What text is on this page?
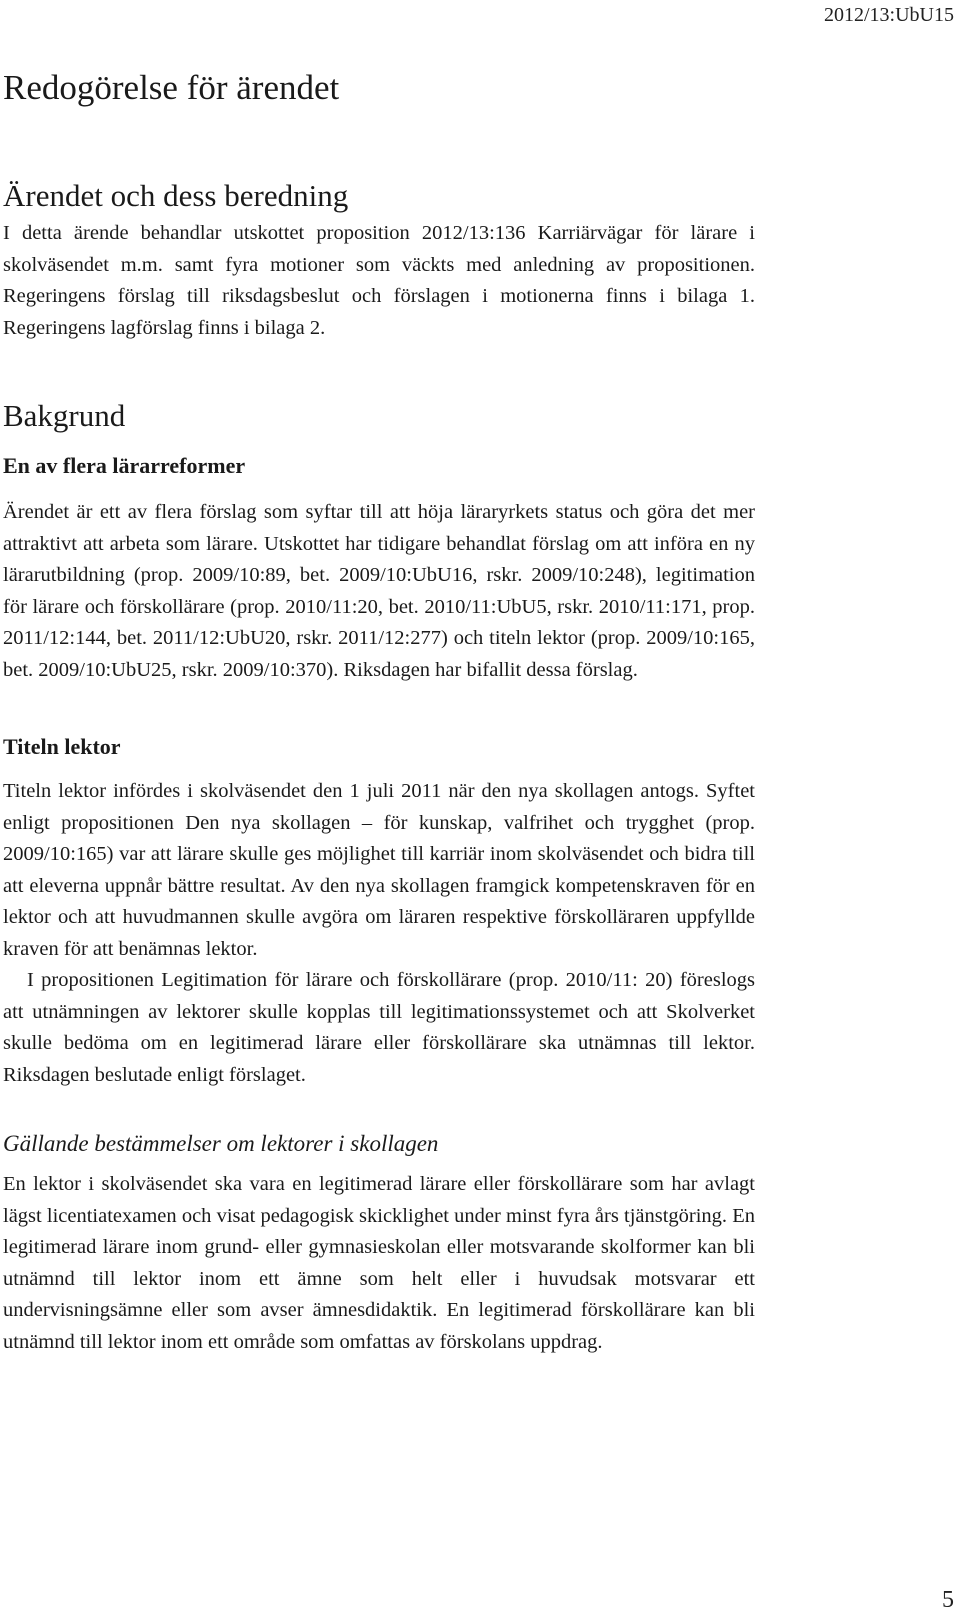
2012/13:UbU15
Redogörelse för ärendet
Ärendet och dess beredning

I detta ärende behandlar utskottet proposition 2012/13:136 Karriärvägar för lärare i skolväsendet m.m. samt fyra motioner som väckts med anledning av propositionen. Regeringens förslag till riksdagsbeslut och förslagen i motionerna finns i bilaga 1. Regeringens lagförslag finns i bilaga 2.

Bakgrund
En av flera lärarreformer

Ärendet är ett av flera förslag som syftar till att höja läraryrkets status och göra det mer attraktivt att arbeta som lärare. Utskottet har tidigare behandlat förslag om att införa en ny lärarutbildning (prop. 2009/10:89, bet. 2009/10:UbU16, rskr. 2009/10:248), legitimation för lärare och förskollärare (prop. 2010/11:20, bet. 2010/11:UbU5, rskr. 2010/11:171, prop. 2011/12:144, bet. 2011/12:UbU20, rskr. 2011/12:277) och titeln lektor (prop. 2009/10:165, bet. 2009/10:UbU25, rskr. 2009/10:370). Riksdagen har bifallit dessa förslag.

Titeln lektor

Titeln lektor infördes i skolväsendet den 1 juli 2011 när den nya skollagen antogs. Syftet enligt propositionen Den nya skollagen – för kunskap, valfrihet och trygghet (prop. 2009/10:165) var att lärare skulle ges möjlighet till karriär inom skolväsendet och bidra till att eleverna uppnår bättre resultat. Av den nya skollagen framgick kompetenskraven för en lektor och att huvudmannen skulle avgöra om läraren respektive förskolläraren uppfyllde kraven för att benämnas lektor.

I propositionen Legitimation för lärare och förskollärare (prop. 2010/11: 20) föreslogs att utnämningen av lektorer skulle kopplas till legitimationssystemet och att Skolverket skulle bedöma om en legitimerad lärare eller förskollärare ska utnämnas till lektor. Riksdagen beslutade enligt förslaget.

Gällande bestämmelser om lektorer i skollagen

En lektor i skolväsendet ska vara en legitimerad lärare eller förskollärare som har avlagt lägst licentiatexamen och visat pedagogisk skicklighet under minst fyra års tjänstgöring. En legitimerad lärare inom grund- eller gymnasieskolan eller motsvarande skolformer kan bli utnämnd till lektor inom ett ämne som helt eller i huvudsak motsvarar ett undervisningsämne eller som avser ämnesdidaktik. En legitimerad förskollärare kan bli utnämnd till lektor inom ett område som omfattas av förskolans uppdrag.

5
